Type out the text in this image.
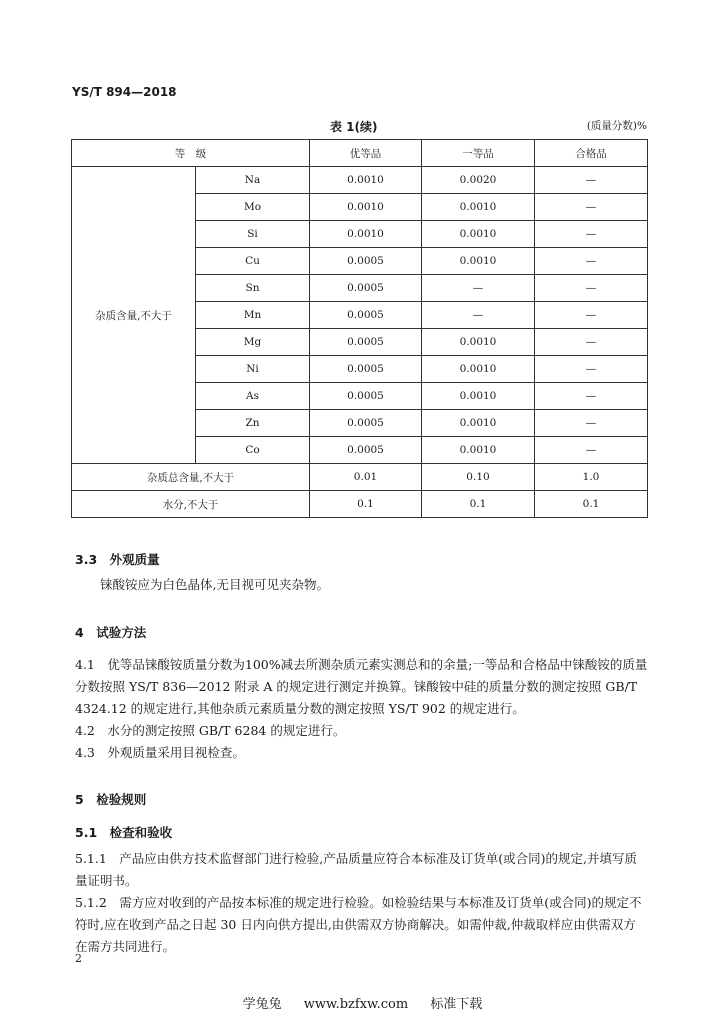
YS/T 894—2018
表 1(续)	(质量分数)%
等　级		优等品	一等品	合格品
杂质含量,不大于	Na	0.0010	0.0020	—
	Mo	0.0010	0.0010	—
	Si	0.0010	0.0010	—
	Cu	0.0005	0.0010	—
	Sn	0.0005	—	—
	Mn	0.0005	—	—
	Mg	0.0005	0.0010	—
	Ni	0.0005	0.0010	—
	As	0.0005	0.0010	—
	Zn	0.0005	0.0010	—
	Co	0.0005	0.0010	—
杂质总含量,不大于		0.01	0.10	1.0
水分,不大于		0.1	0.1	0.1
3.3　外观质量

铼酸铵应为白色晶体,无目视可见夹杂物。

4　试验方法

4.1　优等品铼酸铵质量分数为100%减去所测杂质元素实测总和的余量;一等品和合格品中铼酸铵的质量分数按照 YS/T 836—2012 附录 A 的规定进行测定并换算。铼酸铵中硅的质量分数的测定按照 GB/T 4324.12 的规定进行,其他杂质元素质量分数的测定按照 YS/T 902 的规定进行。

4.2　水分的测定按照 GB/T 6284 的规定进行。

4.3　外观质量采用目视检查。

5　检验规则
5.1　检查和验收

5.1.1　产品应由供方技术监督部门进行检验,产品质量应符合本标准及订货单(或合同)的规定,并填写质量证明书。

5.1.2　需方应对收到的产品按本标准的规定进行检验。如检验结果与本标准及订货单(或合同)的规定不符时,应在收到产品之日起 30 日内向供方提出,由供需双方协商解决。如需仲裁,仲裁取样应由供需双方在需方共同进行。

2
学兔兔 www.bzfxw.com 标准下载
